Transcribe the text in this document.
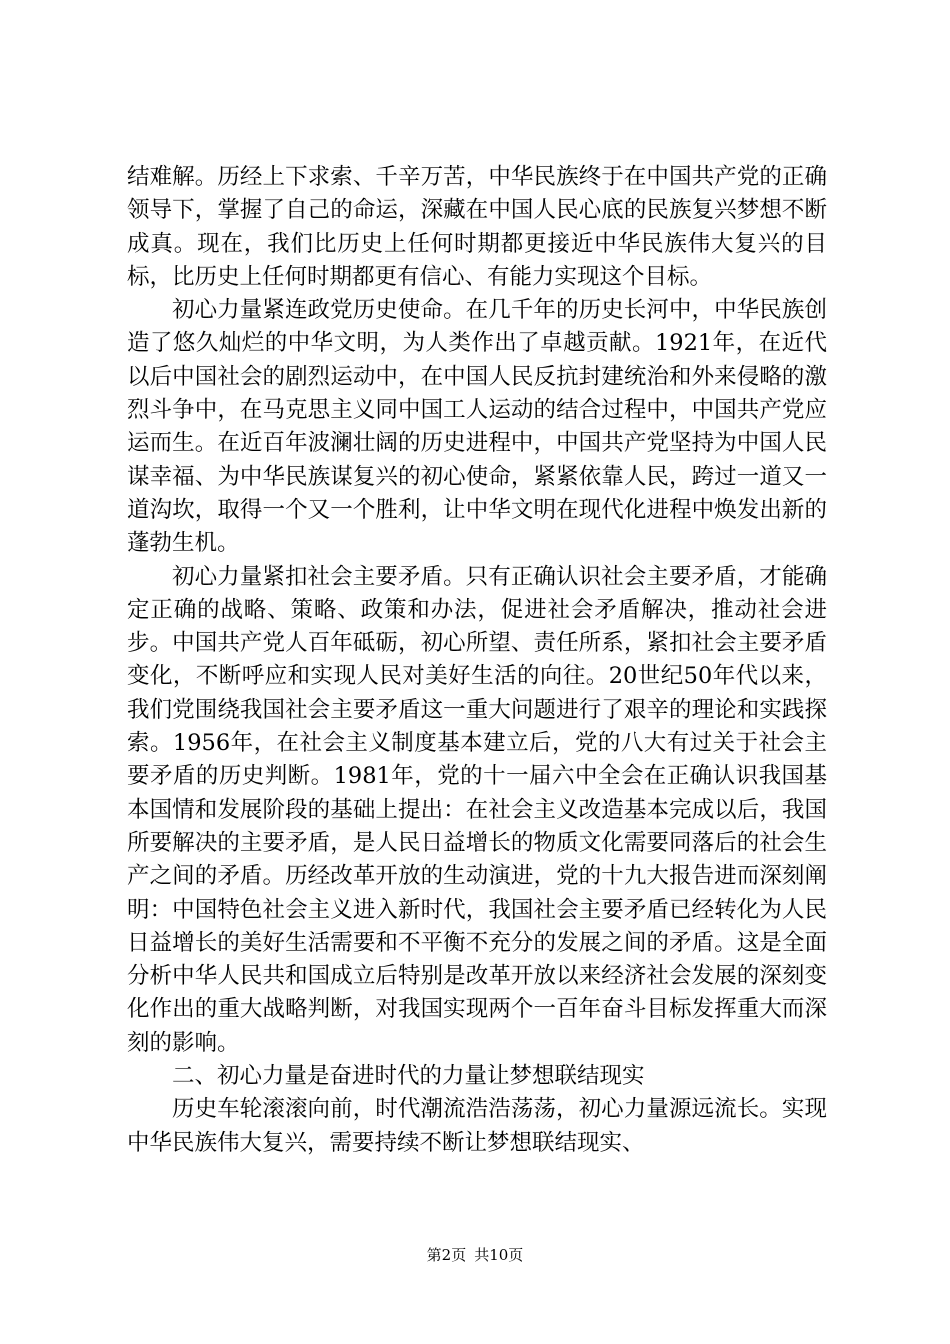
结难解。历经上下求索、千辛万苦，中华民族终于在中国共产党的正确领导下，掌握了自己的命运，深藏在中国人民心底的民族复兴梦想不断成真。现在，我们比历史上任何时期都更接近中华民族伟大复兴的目标，比历史上任何时期都更有信心、有能力实现这个目标。

初心力量紧连政党历史使命。在几千年的历史长河中，中华民族创造了悠久灿烂的中华文明，为人类作出了卓越贡献。1921年，在近代以后中国社会的剧烈运动中，在中国人民反抗封建统治和外来侵略的激烈斗争中，在马克思主义同中国工人运动的结合过程中，中国共产党应运而生。在近百年波澜壮阔的历史进程中，中国共产党坚持为中国人民谋幸福、为中华民族谋复兴的初心使命，紧紧依靠人民，跨过一道又一道沟坎，取得一个又一个胜利，让中华文明在现代化进程中焕发出新的蓬勃生机。

初心力量紧扣社会主要矛盾。只有正确认识社会主要矛盾，才能确定正确的战略、策略、政策和办法，促进社会矛盾解决，推动社会进步。中国共产党人百年砥砺，初心所望、责任所系，紧扣社会主要矛盾变化，不断呼应和实现人民对美好生活的向往。20世纪50年代以来，我们党围绕我国社会主要矛盾这一重大问题进行了艰辛的理论和实践探索。1956年，在社会主义制度基本建立后，党的八大有过关于社会主要矛盾的历史判断。1981年，党的十一届六中全会在正确认识我国基本国情和发展阶段的基础上提出：在社会主义改造基本完成以后，我国所要解决的主要矛盾，是人民日益增长的物质文化需要同落后的社会生产之间的矛盾。历经改革开放的生动演进，党的十九大报告进而深刻阐明：中国特色社会主义进入新时代，我国社会主要矛盾已经转化为人民日益增长的美好生活需要和不平衡不充分的发展之间的矛盾。这是全面分析中华人民共和国成立后特别是改革开放以来经济社会发展的深刻变化作出的重大战略判断，对我国实现两个一百年奋斗目标发挥重大而深刻的影响。

二、初心力量是奋进时代的力量让梦想联结现实

历史车轮滚滚向前，时代潮流浩浩荡荡，初心力量源远流长。实现中华民族伟大复兴，需要持续不断让梦想联结现实、

第2页 共10页
